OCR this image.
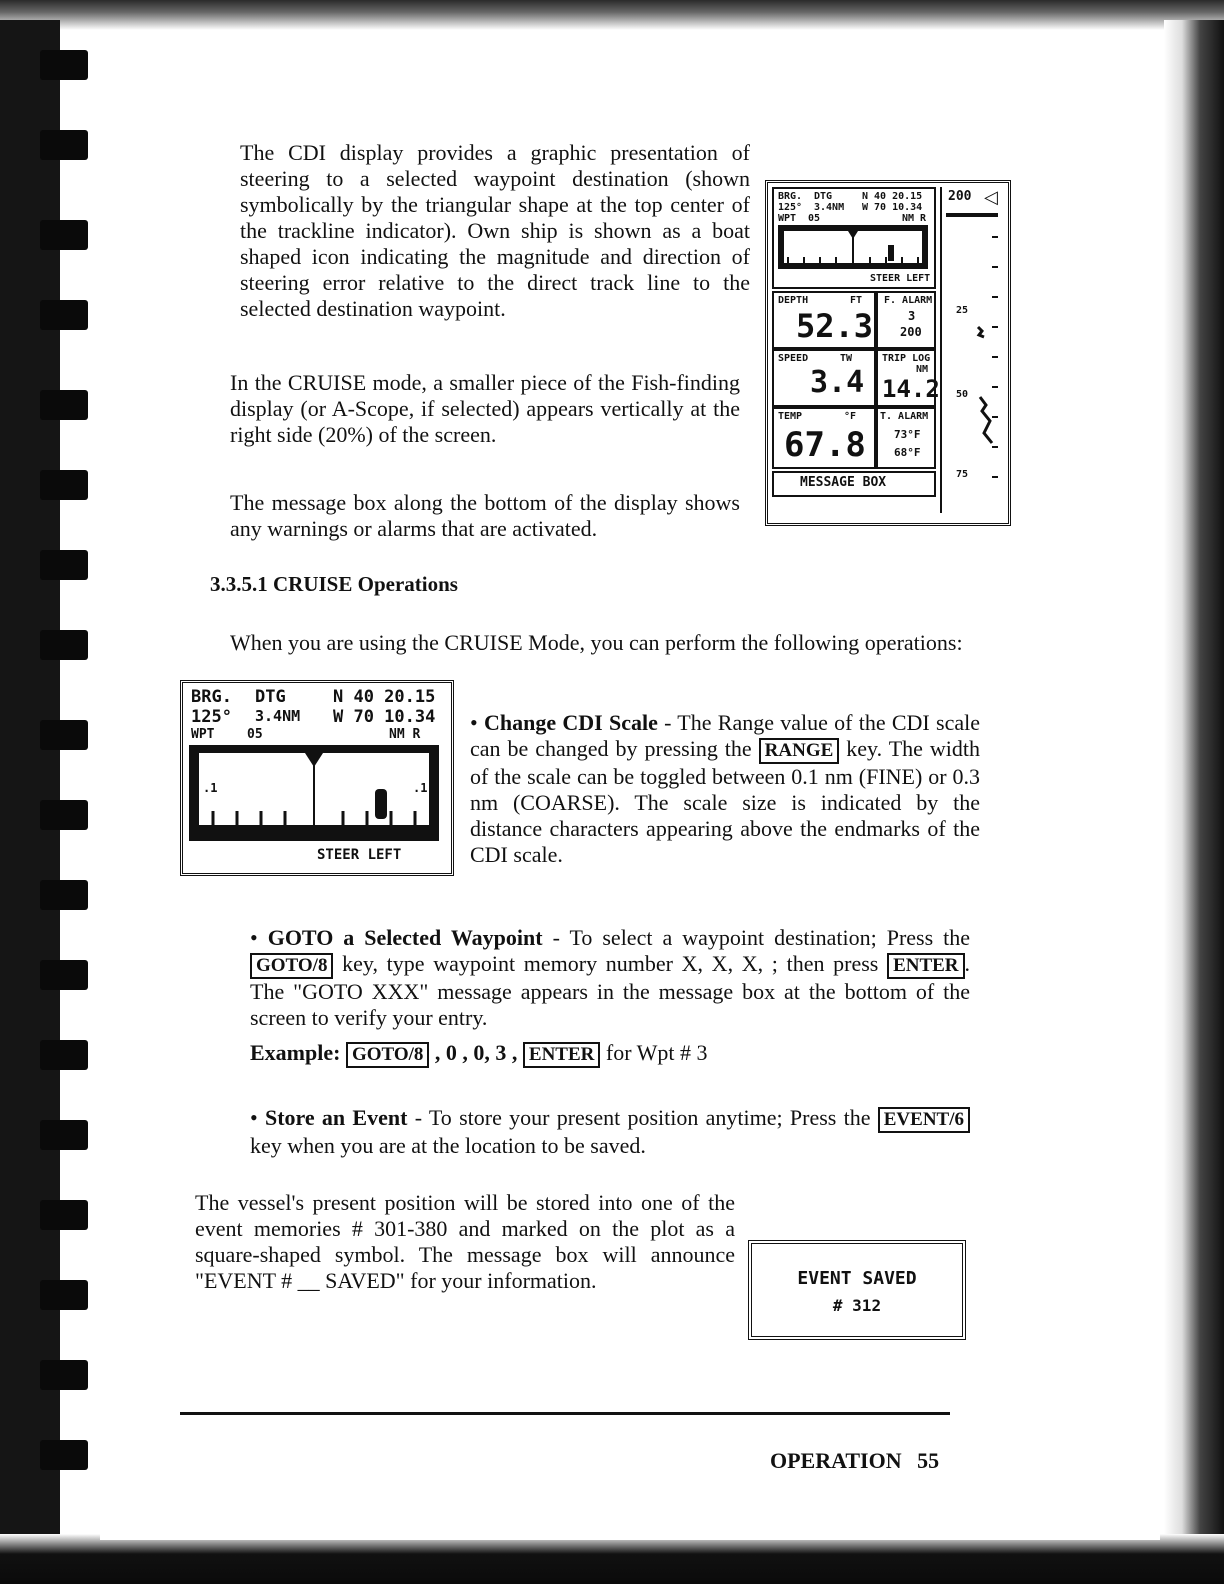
The CDI display provides a graphic presentation of steering to a selected waypoint destination (shown symbolically by the triangular shape at the top center of the trackline indicator). Own ship is shown as a boat shaped icon indicating the magnitude and direction of steering error relative to the direct track line to the selected destination waypoint.

In the CRUISE mode, a smaller piece of the Fish-finding display (or A-Scope, if selected) appears vertically at the right side (20%) of the screen.

The message box along the bottom of the display shows any warnings or alarms that are activated.

BRG. DTG	N 40 20.15
125° 3.4NM W 70 10.34
WPT 05	NM R
STEER LEFT
DEPTH	FT
52.3
F. ALARM
3
200
SPEED	TW
3.4
TRIP LOG
NM
14.2
TEMP	°F
67.8
T. ALARM
73°F
68°F
MESSAGE BOX
200 ◁
25
50
75
3.3.5.1 CRUISE Operations

When you are using the CRUISE Mode, you can perform the following operations:

BRG. DTG	N 40 20.15
125° 3.4NM W 70 10.34
WPT	05	NM R
.1	.1
STEER LEFT
• Change CDI Scale - The Range value of the CDI scale can be changed by pressing the RANGE key. The width of the scale can be toggled between 0.1 nm (FINE) or 0.3 nm (COARSE). The scale size is indicated by the distance characters appearing above the endmarks of the CDI scale.
• GOTO a Selected Waypoint - To select a waypoint destination; Press the GOTO/8 key, type waypoint memory number X, X, X, ; then press ENTER . The "GOTO XXX" message appears in the message box at the bottom of the screen to verify your entry.
Example: GOTO/8 , 0 , 0, 3 , ENTER for Wpt # 3
• Store an Event - To store your present position anytime; Press the EVENT/6 key when you are at the location to be saved.

The vessel's present position will be stored into one of the event memories # 301-380 and marked on the plot as a square-shaped symbol. The message box will announce "EVENT # __ SAVED" for your information.	EVENT SAVED
# 312
OPERATION 55
